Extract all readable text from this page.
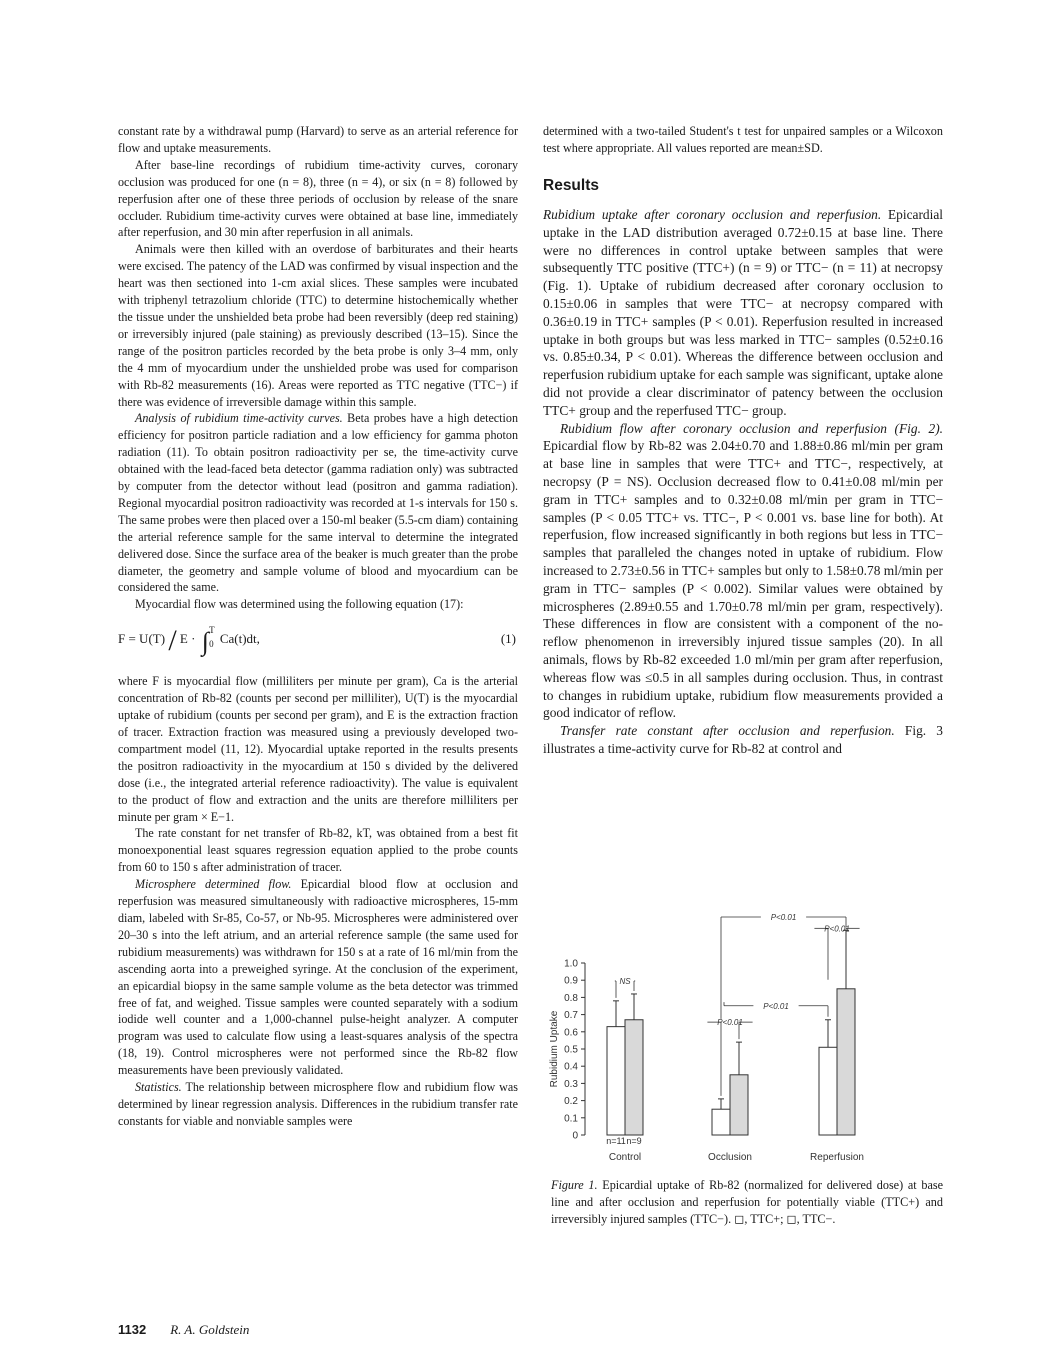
constant rate by a withdrawal pump (Harvard) to serve as an arterial reference for flow and uptake measurements.

After base-line recordings of rubidium time-activity curves, coronary occlusion was produced for one (n = 8), three (n = 4), or six (n = 8) followed by reperfusion after one of these three periods of occlusion by release of the snare occluder. Rubidium time-activity curves were obtained at base line, immediately after reperfusion, and 30 min after reperfusion in all animals.

Animals were then killed with an overdose of barbiturates and their hearts were excised. The patency of the LAD was confirmed by visual inspection and the heart was then sectioned into 1-cm axial slices. These samples were incubated with triphenyl tetrazolium chloride (TTC) to determine histochemically whether the tissue under the unshielded beta probe had been reversibly (deep red staining) or irreversibly injured (pale staining) as previously described (13–15). Since the range of the positron particles recorded by the beta probe is only 3–4 mm, only the 4 mm of myocardium under the unshielded probe was used for comparison with Rb-82 measurements (16). Areas were reported as TTC negative (TTC−) if there was evidence of irreversible damage within this sample.

Analysis of rubidium time-activity curves. Beta probes have a high detection efficiency for positron particle radiation and a low efficiency for gamma photon radiation (11). To obtain positron radioactivity per se, the time-activity curve obtained with the lead-faced beta detector (gamma radiation only) was subtracted by computer from the detector without lead (positron and gamma radiation). Regional myocardial positron radioactivity was recorded at 1-s intervals for 150 s. The same probes were then placed over a 150-ml beaker (5.5-cm diam) containing the arterial reference sample for the same interval to determine the integrated delivered dose. Since the surface area of the beaker is much greater than the probe diameter, the geometry and sample volume of blood and myocardium can be considered the same.

Myocardial flow was determined using the following equation (17):

F = U(T) / E · ∫ T
0 Ca(t)dt,	(1)

where F is myocardial flow (milliliters per minute per gram), Ca is the arterial concentration of Rb-82 (counts per second per milliliter), U(T) is the myocardial uptake of rubidium (counts per second per gram), and E is the extraction fraction of tracer. Extraction fraction was measured using a previously developed two-compartment model (11, 12). Myocardial uptake reported in the results presents the positron radioactivity in the myocardium at 150 s divided by the delivered dose (i.e., the integrated arterial reference radioactivity). The value is equivalent to the product of flow and extraction and the units are therefore milliliters per minute per gram × E−1.

The rate constant for net transfer of Rb-82, kT, was obtained from a best fit monoexponential least squares regression equation applied to the probe counts from 60 to 150 s after administration of tracer.

Microsphere determined flow. Epicardial blood flow at occlusion and reperfusion was measured simultaneously with radioactive microspheres, 15-mm diam, labeled with Sr-85, Co-57, or Nb-95. Microspheres were administered over 20–30 s into the left atrium, and an arterial reference sample (the same used for rubidium measurements) was withdrawn for 150 s at a rate of 16 ml/min from the ascending aorta into a preweighed syringe. At the conclusion of the experiment, an epicardial biopsy in the same sample volume as the beta detector was trimmed free of fat, and weighed. Tissue samples were counted separately with a sodium iodide well counter and a 1,000-channel pulse-height analyzer. A computer program was used to calculate flow using a least-squares analysis of the spectra (18, 19). Control microspheres were not performed since the Rb-82 flow measurements have been previously validated.

Statistics. The relationship between microsphere flow and rubidium flow was determined by linear regression analysis. Differences in the rubidium transfer rate constants for viable and nonviable samples were

determined with a two-tailed Student's t test for unpaired samples or a Wilcoxon test where appropriate. All values reported are mean±SD.

Results

Rubidium uptake after coronary occlusion and reperfusion. Epicardial uptake in the LAD distribution averaged 0.72±0.15 at base line. There were no differences in control uptake between samples that were subsequently TTC positive (TTC+) (n = 9) or TTC− (n = 11) at necropsy (Fig. 1). Uptake of rubidium decreased after coronary occlusion to 0.15±0.06 in samples that were TTC− at necropsy compared with 0.36±0.19 in TTC+ samples (P < 0.01). Reperfusion resulted in increased uptake in both groups but was less marked in TTC− samples (0.52±0.16 vs. 0.85±0.34, P < 0.01). Whereas the difference between occlusion and reperfusion rubidium uptake for each sample was significant, uptake alone did not provide a clear discriminator of patency between the occlusion TTC+ group and the reperfused TTC− group.

Rubidium flow after coronary occlusion and reperfusion (Fig. 2). Epicardial flow by Rb-82 was 2.04±0.70 and 1.88±0.86 ml/min per gram at base line in samples that were TTC+ and TTC−, respectively, at necropsy (P = NS). Occlusion decreased flow to 0.41±0.08 ml/min per gram in TTC+ samples and to 0.32±0.08 ml/min per gram in TTC− samples (P < 0.05 TTC+ vs. TTC−, P < 0.001 vs. base line for both). At reperfusion, flow increased significantly in both regions but less in TTC− samples that paralleled the changes noted in uptake of rubidium. Flow increased to 2.73±0.56 in TTC+ samples but only to 1.58±0.78 ml/min per gram in TTC− samples (P < 0.002). Similar values were obtained by microspheres (2.89±0.55 and 1.70±0.78 ml/min per gram, respectively). These differences in flow are consistent with a component of the no-reflow phenomenon in irreversibly injured tissue samples (20). In all animals, flows by Rb-82 exceeded 1.0 ml/min per gram after reperfusion, whereas flow was ≤0.5 in all samples during occlusion. Thus, in contrast to changes in rubidium uptake, rubidium flow measurements provided a good indicator of reflow.

Transfer rate constant after occlusion and reperfusion. Fig. 3 illustrates a time-activity curve for Rb-82 at control and

0
0.1
0.2
0.3
0.4
0.5
0.6
0.7
0.8
0.9
1.0
Rubidium Uptake
Control	Occlusion	Reperfusion
n=11 n=9
NS
P<0.01
P<0.01
P<0.01
P<0.01
Figure 1. Epicardial uptake of Rb-82 (normalized for delivered dose) at base line and after occlusion and reperfusion for potentially viable (TTC+) and irreversibly injured samples (TTC−). ◻, TTC+; ◻, TTC−.
1132 R. A. Goldstein
